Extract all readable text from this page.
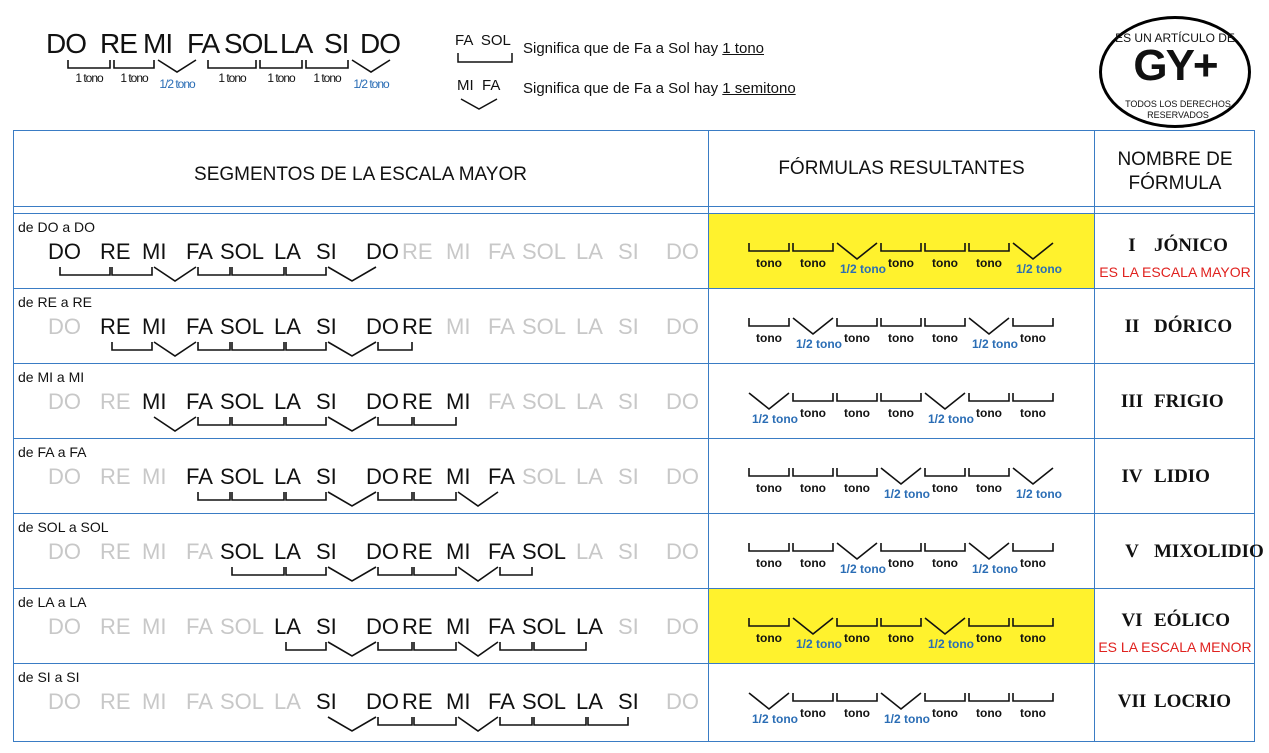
DO RE MI FA SOL LA SI DO
1 tono 1 tono 1/2 tono 1 tono 1 tono 1 tono 1/2 tono
FA  SOL Significa que de Fa a Sol hay 1 tono
MI  FA Significa que de Fa a Sol hay 1 semitono
ES UN ARTÍCULO DE
GY+
TODOS LOS DERECHOS RESERVADOS
SEGMENTOS DE LA ESCALA MAYOR	FÓRMULAS RESULTANTES	NOMBRE DE FÓRMULA
de DO a DO
DO RE MI FA SOL LA SI DO RE MI FA SOL LA SI DO	tono tono 1/2 tono tono tono tono 1/2 tono
I JÓNICO
ES LA ESCALA MAYOR
de RE a RE
DO RE MI FA SOL LA SI DO RE MI FA SOL LA SI DO	tono 1/2 tono tono tono tono 1/2 tono tono
II DÓRICO
de MI a MI
DO RE MI FA SOL LA SI DO RE MI FA SOL LA SI DO
1/2 tono tono tono tono 1/2 tono tono tono
III FRIGIO
de FA a FA
DO RE MI FA SOL LA SI DO RE MI FA SOL LA SI DO	tono tono tono 1/2 tono tono tono 1/2 tono
IV LIDIO
de SOL a SOL
DO RE MI FA SOL LA SI DO RE MI FA SOL LA SI DO	tono tono 1/2 tono tono tono 1/2 tono tono
V MIXOLIDIO
de LA a LA
DO RE MI FA SOL LA SI DO RE MI FA SOL LA SI DO	tono 1/2 tono tono tono 1/2 tono tono tono
VI EÓLICO
ES LA ESCALA MENOR
de SI a SI
DO RE MI FA SOL LA SI DO RE MI FA SOL LA SI DO
1/2 tono tono tono 1/2 tono tono tono tono
VII LOCRIO
